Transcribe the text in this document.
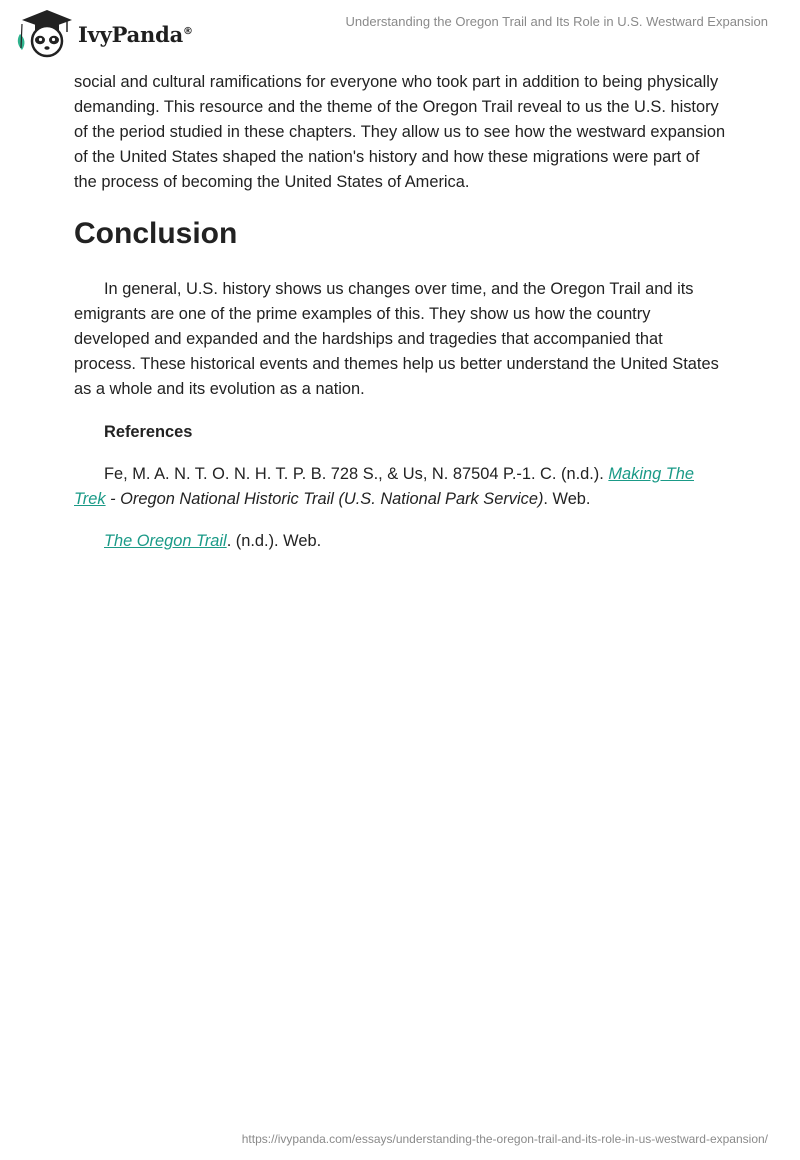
IvyPanda®
Understanding the Oregon Trail and Its Role in U.S. Westward Expansion

social and cultural ramifications for everyone who took part in addition to being physically demanding. This resource and the theme of the Oregon Trail reveal to us the U.S. history of the period studied in these chapters. They allow us to see how the westward expansion of the United States shaped the nation's history and how these migrations were part of the process of becoming the United States of America.

Conclusion

In general, U.S. history shows us changes over time, and the Oregon Trail and its emigrants are one of the prime examples of this. They show us how the country developed and expanded and the hardships and tragedies that accompanied that process. These historical events and themes help us better understand the United States as a whole and its evolution as a nation.

References

Fe, M. A. N. T. O. N. H. T. P. B. 728 S., & Us, N. 87504 P.-1. C. (n.d.). Making The Trek - Oregon National Historic Trail (U.S. National Park Service). Web.

The Oregon Trail. (n.d.). Web.

https://ivypanda.com/essays/understanding-the-oregon-trail-and-its-role-in-us-westward-expansion/
